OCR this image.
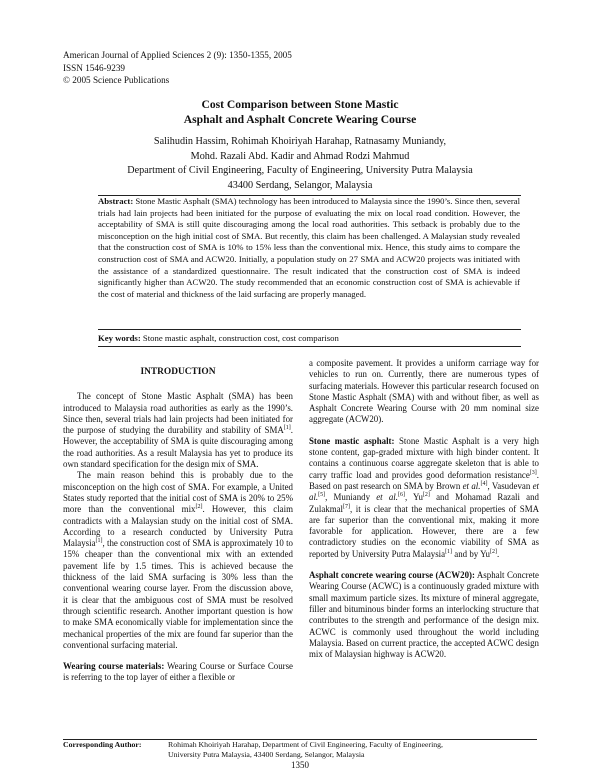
American Journal of Applied Sciences 2 (9): 1350-1355, 2005
ISSN 1546-9239
© 2005 Science Publications
Cost Comparison between Stone Mastic
Asphalt and Asphalt Concrete Wearing Course
Salihudin Hassim, Rohimah Khoiriyah Harahap, Ratnasamy Muniandy,
Mohd. Razali Abd. Kadir and Ahmad Rodzi Mahmud
Department of Civil Engineering, Faculty of Engineering, University Putra Malaysia
43400 Serdang, Selangor, Malaysia
Abstract: Stone Mastic Asphalt (SMA) technology has been introduced to Malaysia since the 1990’s. Since then, several trials had lain projects had been initiated for the purpose of evaluating the mix on local road condition. However, the acceptability of SMA is still quite discouraging among the local road authorities. This setback is probably due to the misconception on the high initial cost of SMA. But recently, this claim has been challenged. A Malaysian study revealed that the construction cost of SMA is 10% to 15% less than the conventional mix. Hence, this study aims to compare the construction cost of SMA and ACW20. Initially, a population study on 27 SMA and ACW20 projects was initiated with the assistance of a standardized questionnaire. The result indicated that the construction cost of SMA is indeed significantly higher than ACW20. The study recommended that an economic construction cost of SMA is achievable if the cost of material and thickness of the laid surfacing are properly managed.
Key words: Stone mastic asphalt, construction cost, cost comparison
INTRODUCTION

The concept of Stone Mastic Asphalt (SMA) has been introduced to Malaysia road authorities as early as the 1990’s. Since then, several trials had lain projects had been initiated for the purpose of studying the durability and stability of SMA[1]. However, the acceptability of SMA is quite discouraging among the road authorities. As a result Malaysia has yet to produce its own standard specification for the design mix of SMA.

The main reason behind this is probably due to the misconception on the high cost of SMA. For example, a United States study reported that the initial cost of SMA is 20% to 25% more than the conventional mix[2]. However, this claim contradicts with a Malaysian study on the initial cost of SMA. According to a research conducted by University Putra Malaysia[1], the construction cost of SMA is approximately 10 to 15% cheaper than the conventional mix with an extended pavement life by 1.5 times. This is achieved because the thickness of the laid SMA surfacing is 30% less than the conventional wearing course layer. From the discussion above, it is clear that the ambiguous cost of SMA must be resolved through scientific research. Another important question is how to make SMA economically viable for implementation since the mechanical properties of the mix are found far superior than the conventional surfacing material.

Wearing course materials: Wearing Course or Surface Course is referring to the top layer of either a flexible or

a composite pavement. It provides a uniform carriage way for vehicles to run on. Currently, there are numerous types of surfacing materials. However this particular research focused on Stone Mastic Asphalt (SMA) with and without fiber, as well as Asphalt Concrete Wearing Course with 20 mm nominal size aggregate (ACW20).

Stone mastic asphalt: Stone Mastic Asphalt is a very high stone content, gap-graded mixture with high binder content. It contains a continuous coarse aggregate skeleton that is able to carry traffic load and provides good deformation resistance[3]. Based on past research on SMA by Brown et al.[4], Vasudevan et al.[5], Muniandy et al.[6], Yu[2] and Mohamad Razali and Zulakmal[7], it is clear that the mechanical properties of SMA are far superior than the conventional mix, making it more favorable for application. However, there are a few contradictory studies on the economic viability of SMA as reported by University Putra Malaysia[1] and by Yu[2].

Asphalt concrete wearing course (ACW20): Asphalt Concrete Wearing Course (ACWC) is a continuously graded mixture with small maximum particle sizes. Its mixture of mineral aggregate, filler and bituminous binder forms an interlocking structure that contributes to the strength and performance of the design mix. ACWC is commonly used throughout the world including Malaysia. Based on current practice, the accepted ACWC design mix of Malaysian highway is ACW20.

Corresponding Author:	Rohimah Khoiriyah Harahap, Department of Civil Engineering, Faculty of Engineering,
University Putra Malaysia, 43400 Serdang, Selangor, Malaysia
1350
